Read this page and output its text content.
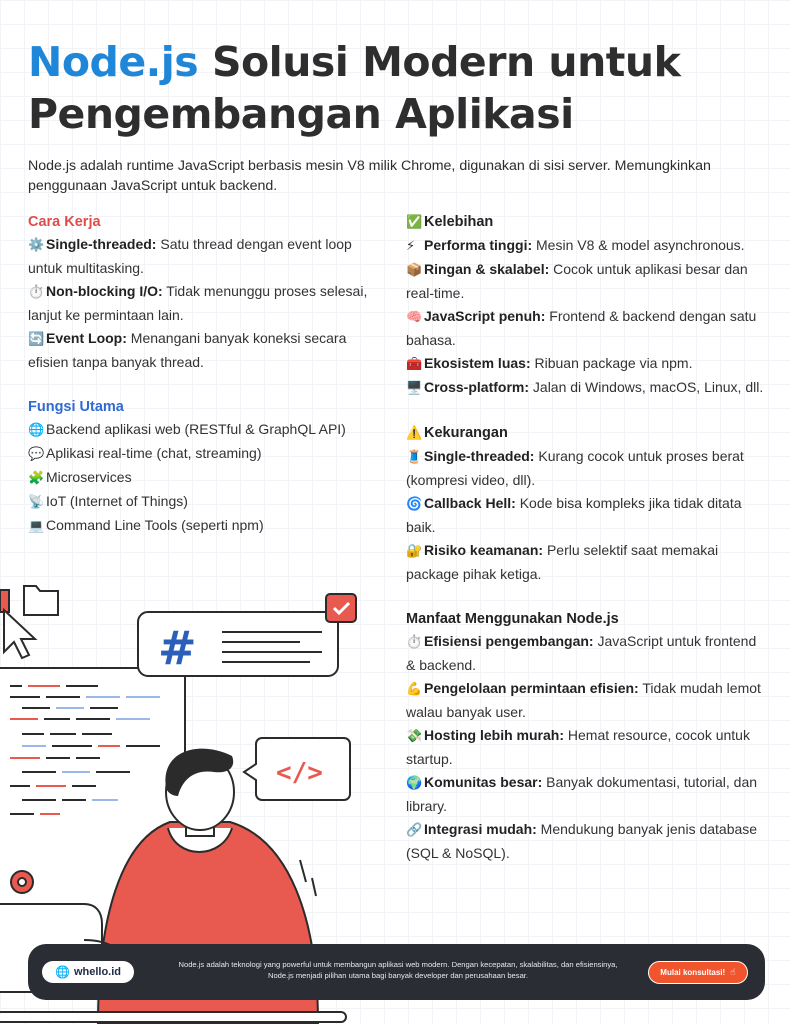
Node.js Solusi Modern untuk
Pengembangan Aplikasi

Node.js adalah runtime JavaScript berbasis mesin V8 milik Chrome, digunakan di sisi server. Memungkinkan penggunaan JavaScript untuk backend.

Cara Kerja
⚙️ Single-threaded: Satu thread dengan event loop untuk multitasking.
⏱️ Non-blocking I/O: Tidak menunggu proses selesai, lanjut ke permintaan lain.
🔄 Event Loop: Menangani banyak koneksi secara efisien tanpa banyak thread.
Fungsi Utama
🌐 Backend aplikasi web (RESTful & GraphQL API)
💬 Aplikasi real-time (chat, streaming)
🧩 Microservices
📡 IoT (Internet of Things)
💻 Command Line Tools (seperti npm)
✅ Kelebihan
⚡ Performa tinggi: Mesin V8 & model asynchronous.
📦 Ringan & skalabel: Cocok untuk aplikasi besar dan real-time.
🧠 JavaScript penuh: Frontend & backend dengan satu bahasa.
🧰 Ekosistem luas: Ribuan package via npm.
🖥️ Cross-platform: Jalan di Windows, macOS, Linux, dll.
⚠️ Kekurangan
🧵 Single-threaded: Kurang cocok untuk proses berat (kompresi video, dll).
🌀 Callback Hell: Kode bisa kompleks jika tidak ditata baik.
🔐 Risiko keamanan: Perlu selektif saat memakai package pihak ketiga.
Manfaat Menggunakan Node.js
⏱️ Efisiensi pengembangan: JavaScript untuk frontend & backend.
💪 Pengelolaan permintaan efisien: Tidak mudah lemot walau banyak user.
💸 Hosting lebih murah: Hemat resource, cocok untuk startup.
🌍 Komunitas besar: Banyak dokumentasi, tutorial, dan library.
🔗 Integrasi mudah: Mendukung banyak jenis database (SQL & NoSQL).
#
</>
🌐 whello.id
Node.js adalah teknologi yang powerful untuk membangun aplikasi web modern. Dengan kecepatan, skalabilitas, dan efisiensinya, Node.js menjadi pilihan utama bagi banyak developer dan perusahaan besar.	Mulai konsultasi! ☝
